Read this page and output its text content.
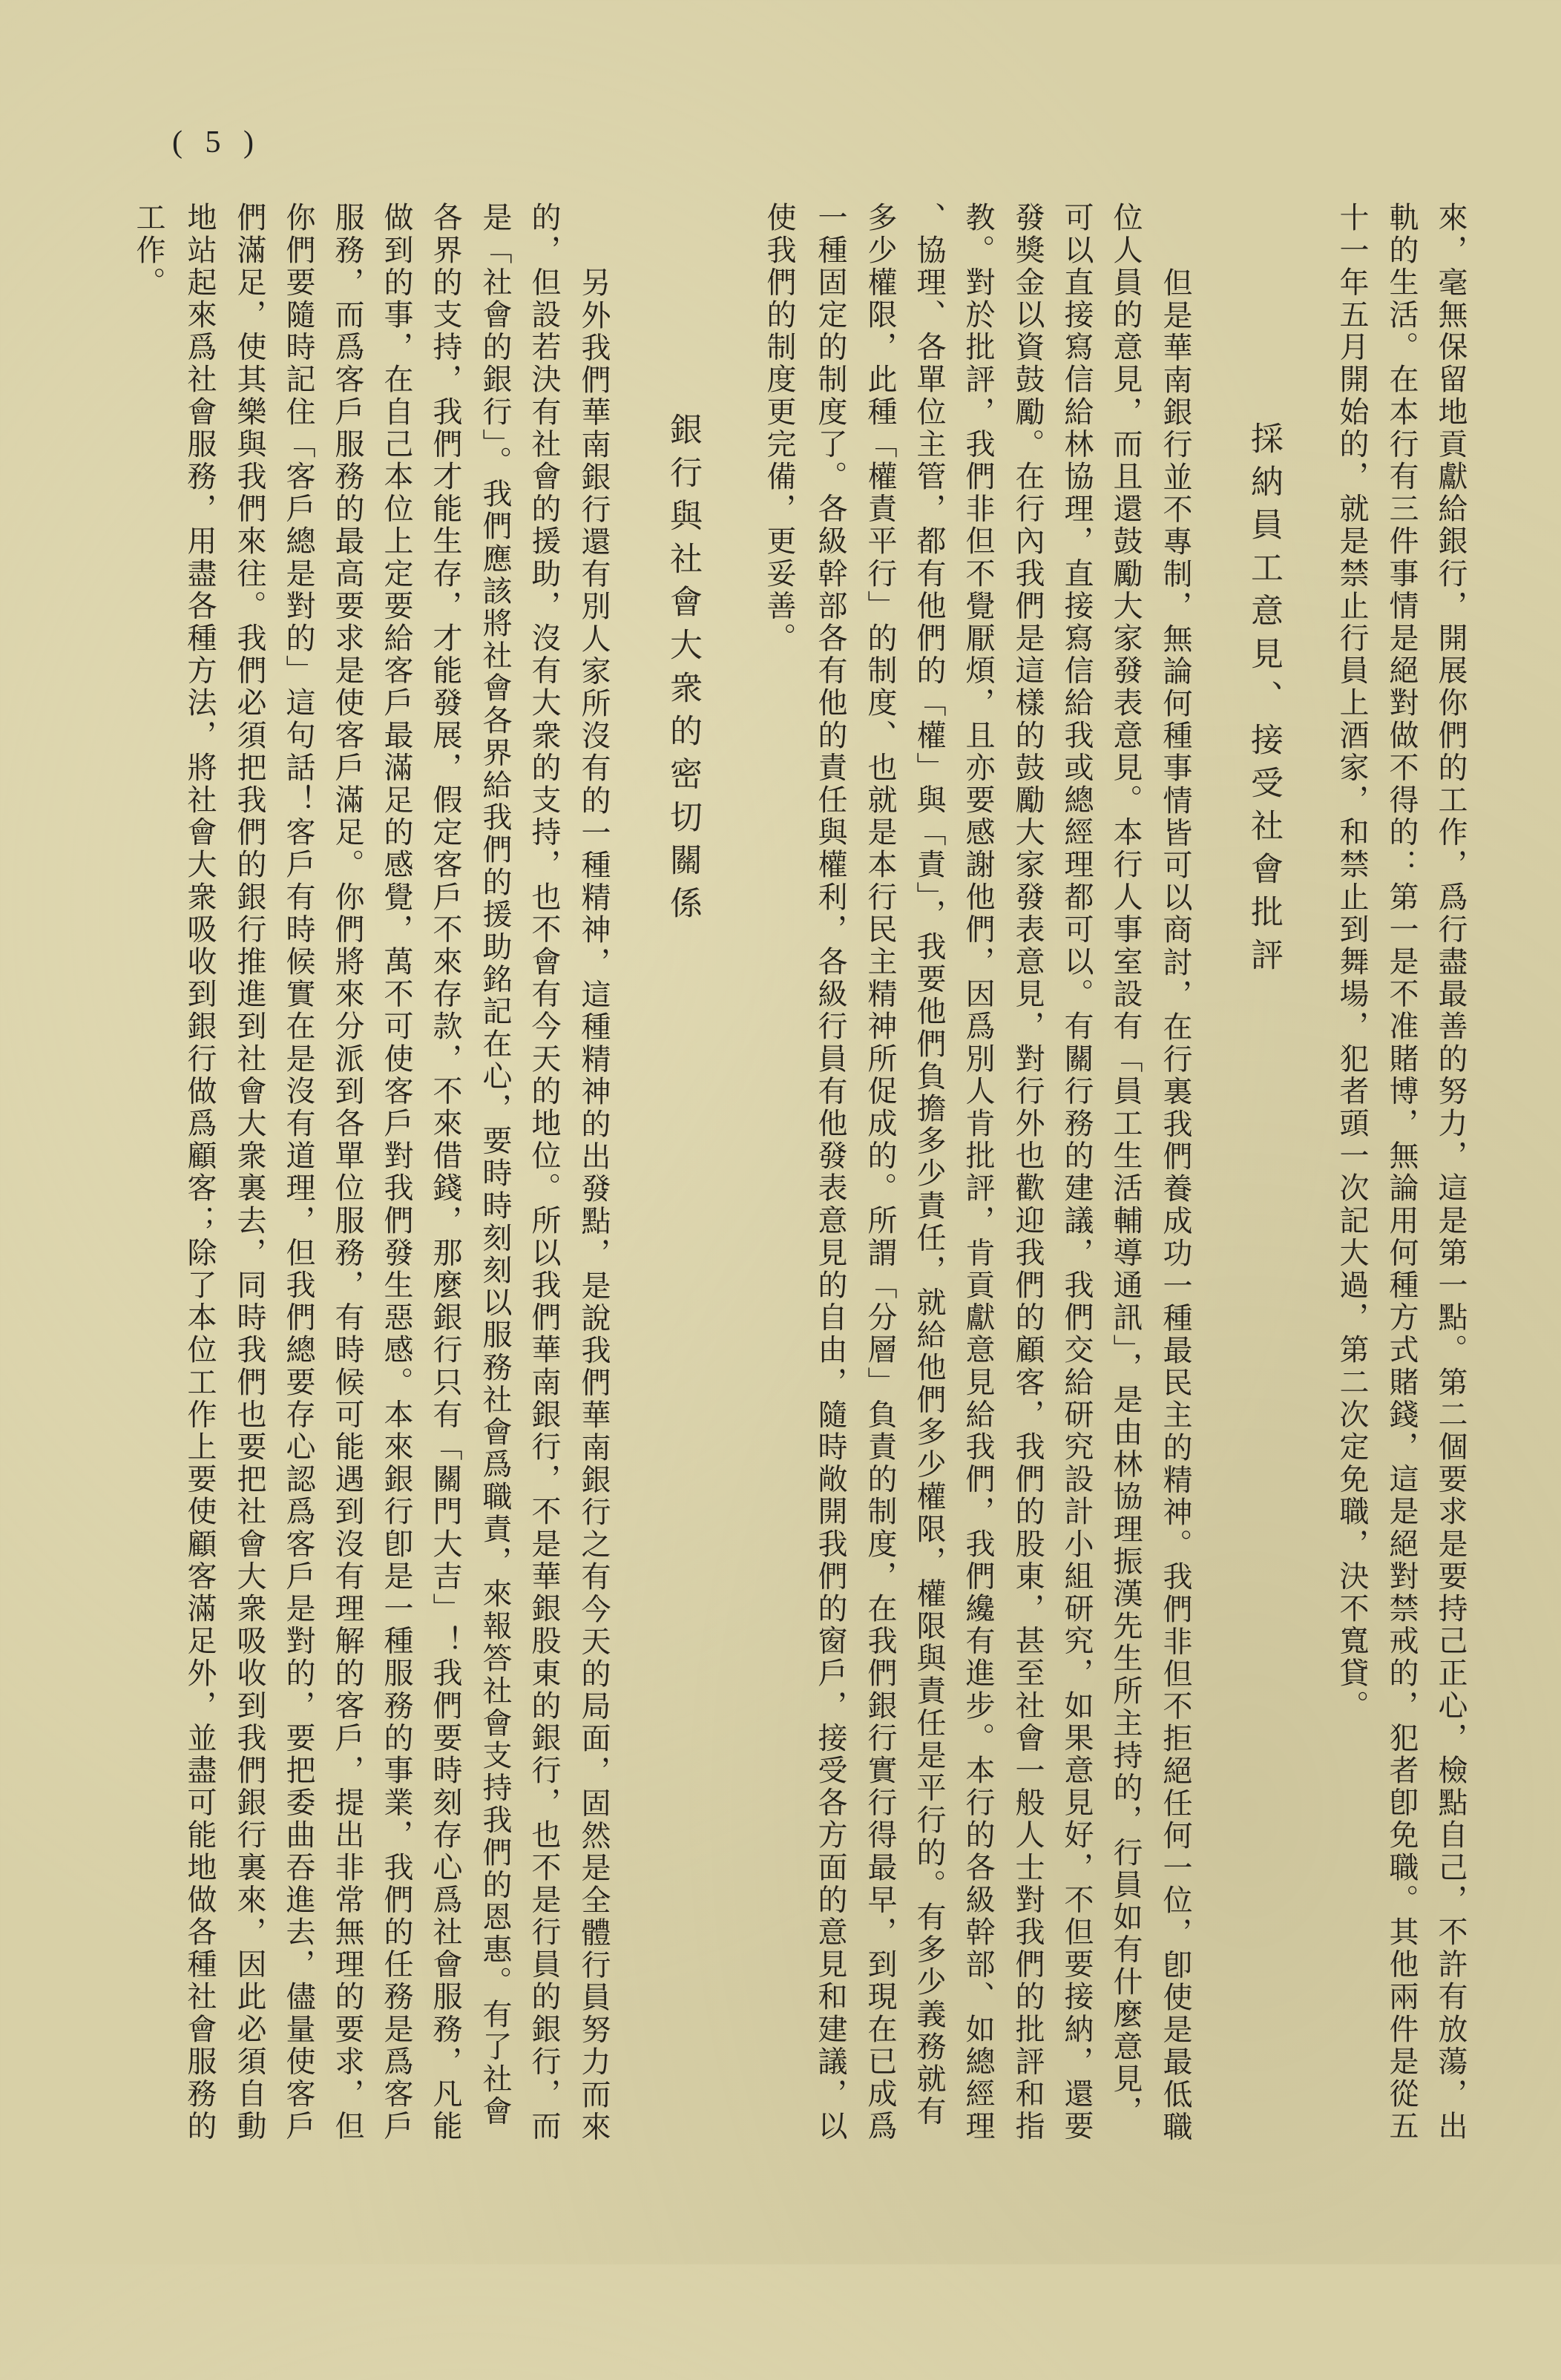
( 5 )
來，毫無保留地貢獻給銀行，開展你們的工作，爲行盡最善的努力，這是第一點。第二個要求是要持己正心，檢點自己，不許有放蕩，出
軌的生活。在本行有三件事情是絕對做不得的：第一是不准賭博，無論用何種方式賭錢，這是絕對禁戒的，犯者卽免職。其他兩件是從五
十一年五月開始的，就是禁止行員上酒家，和禁止到舞場，犯者頭一次記大過，第二次定免職，決不寬貸。
採納員工意見、接受社會批評
但是華南銀行並不專制，無論何種事情皆可以商討，在行裏我們養成功一種最民主的精神。我們非但不拒絕任何一位，卽使是最低職
位人員的意見，而且還鼓勵大家發表意見。本行人事室設有「員工生活輔導通訊」，是由林協理振漢先生所主持的，行員如有什麼意見，
可以直接寫信給林協理，直接寫信給我或總經理都可以。有關行務的建議，我們交給研究設計小組研究，如果意見好，不但要接納，還要
發獎金以資鼓勵。在行內我們是這樣的鼓勵大家發表意見，對行外也歡迎我們的顧客，我們的股東，甚至社會一般人士對我們的批評和指
教。對於批評，我們非但不覺厭煩，且亦要感謝他們，因爲別人肯批評，肯貢獻意見給我們，我們纔有進步。本行的各級幹部、如總經理
、協理、各單位主管，都有他們的「權」與「責」，我要他們負擔多少責任，就給他們多少權限，權限與責任是平行的。有多少義務就有
多少權限，此種「權責平行」的制度、也就是本行民主精神所促成的。所謂「分層」負責的制度，在我們銀行實行得最早，到現在已成爲
一種固定的制度了。各級幹部各有他的責任與權利，各級行員有他發表意見的自由，隨時敞開我們的窗戶，接受各方面的意見和建議，以
使我們的制度更完備，更妥善。
銀行與社會大衆的密切關係
另外我們華南銀行還有別人家所沒有的一種精神，這種精神的出發點，是說我們華南銀行之有今天的局面，固然是全體行員努力而來
的，但設若決有社會的援助，沒有大衆的支持，也不會有今天的地位。所以我們華南銀行，不是華銀股東的銀行，也不是行員的銀行，而
是「社會的銀行」。我們應該將社會各界給我們的援助銘記在心，要時時刻刻以服務社會爲職責，來報答社會支持我們的恩惠。有了社會
各界的支持，我們才能生存，才能發展，假定客戶不來存款，不來借錢，那麼銀行只有「關門大吉」！我們要時刻存心爲社會服務，凡能
做到的事，在自己本位上定要給客戶最滿足的感覺，萬不可使客戶對我們發生惡感。本來銀行卽是一種服務的事業，我們的任務是爲客戶
服務，而爲客戶服務的最高要求是使客戶滿足。你們將來分派到各單位服務，有時候可能遇到沒有理解的客戶，提出非常無理的要求，但
你們要隨時記住「客戶總是對的」這句話！客戶有時候實在是沒有道理，但我們總要存心認爲客戶是對的，要把委曲吞進去，儘量使客戶
們滿足，使其樂與我們來往。我們必須把我們的銀行推進到社會大衆裏去，同時我們也要把社會大衆吸收到我們銀行裏來，因此必須自動
地站起來爲社會服務，用盡各種方法，將社會大衆吸收到銀行做爲顧客；除了本位工作上要使顧客滿足外，並盡可能地做各種社會服務的
工作。
